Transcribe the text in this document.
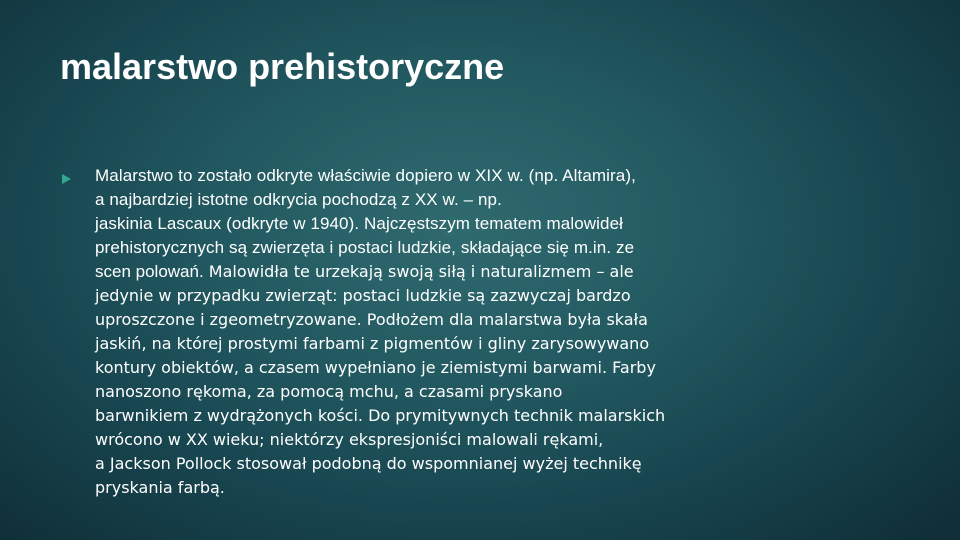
malarstwo prehistoryczne
Malarstwo to zostało odkryte właściwie dopiero w XIX w. (np. Altamira),
a najbardziej istotne odkrycia pochodzą z XX w. – np.
jaskinia Lascaux (odkryte w 1940). Najczęstszym tematem malowideł
prehistorycznych są zwierzęta i postaci ludzkie, składające się m.in. ze
scen polowań. Malowidła te urzekają swoją siłą i naturalizmem – ale
jedynie w przypadku zwierząt: postaci ludzkie są zazwyczaj bardzo
uproszczone i zgeometryzowane. Podłożem dla malarstwa była skała
jaskiń, na której prostymi farbami z pigmentów i gliny zarysowywano
kontury obiektów, a czasem wypełniano je ziemistymi barwami. Farby
nanoszono rękoma, za pomocą mchu, a czasami pryskano
barwnikiem z wydrążonych kości. Do prymitywnych technik malarskich
wrócono w XX wieku; niektórzy ekspresjoniści malowali rękami,
a Jackson Pollock stosował podobną do wspomnianej wyżej technikę
pryskania farbą.
